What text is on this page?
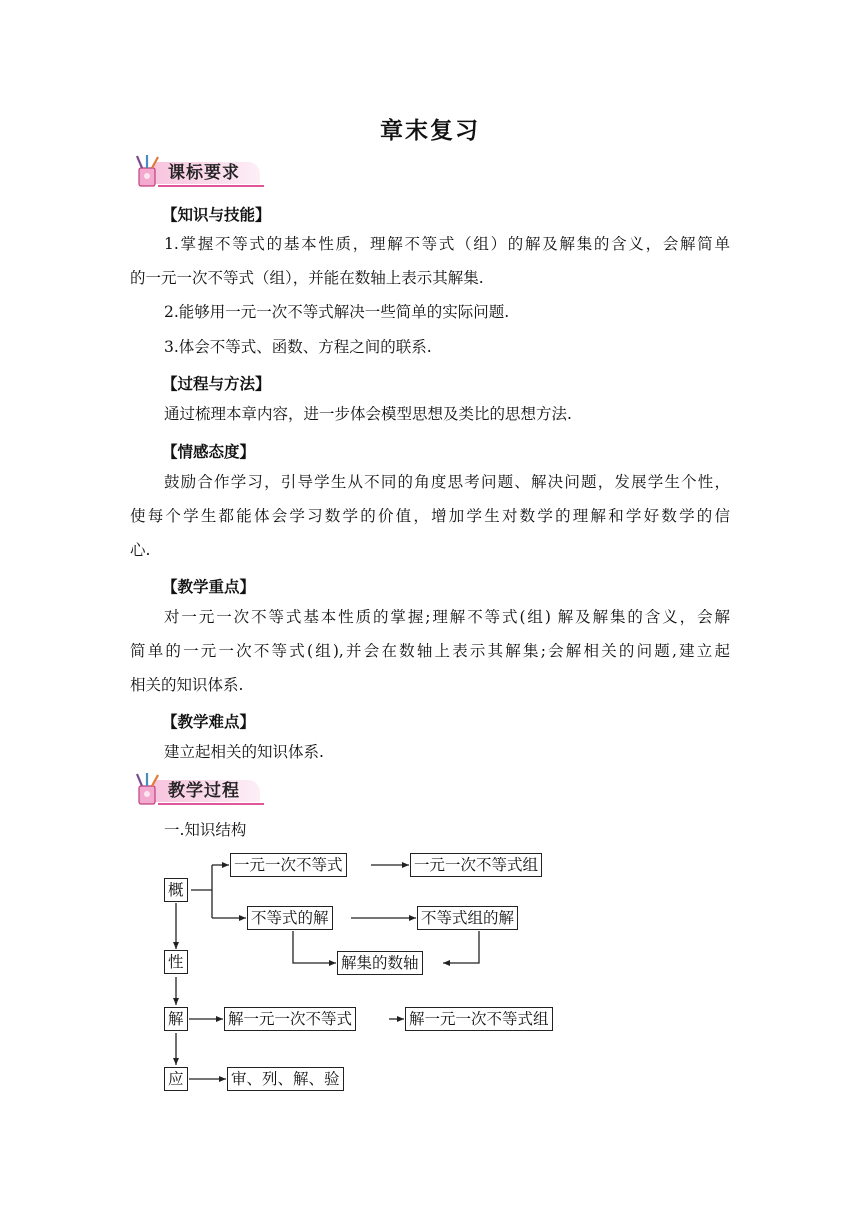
章末复习
课标要求
【知识与技能】
1.掌握不等式的基本性质，理解不等式（组）的解及解集的含义，会解简单
的一元一次不等式（组），并能在数轴上表示其解集.
2.能够用一元一次不等式解决一些简单的实际问题.
3.体会不等式、函数、方程之间的联系.
【过程与方法】
通过梳理本章内容，进一步体会模型思想及类比的思想方法.
【情感态度】
鼓励合作学习，引导学生从不同的角度思考问题、解决问题，发展学生个性，
使每个学生都能体会学习数学的价值，增加学生对数学的理解和学好数学的信
心.
【教学重点】
对一元一次不等式基本性质的掌握;理解不等式(组) 解及解集的含义，会解
简单的一元一次不等式(组),并会在数轴上表示其解集;会解相关的问题,建立起
相关的知识体系.
【教学难点】
建立起相关的知识体系.
教学过程
一.知识结构
概
性
解
应
一元一次不等式	一元一次不等式组
不等式的解	不等式组的解
解集的数轴
解一元一次不等式	解一元一次不等式组
审、列、解、验
